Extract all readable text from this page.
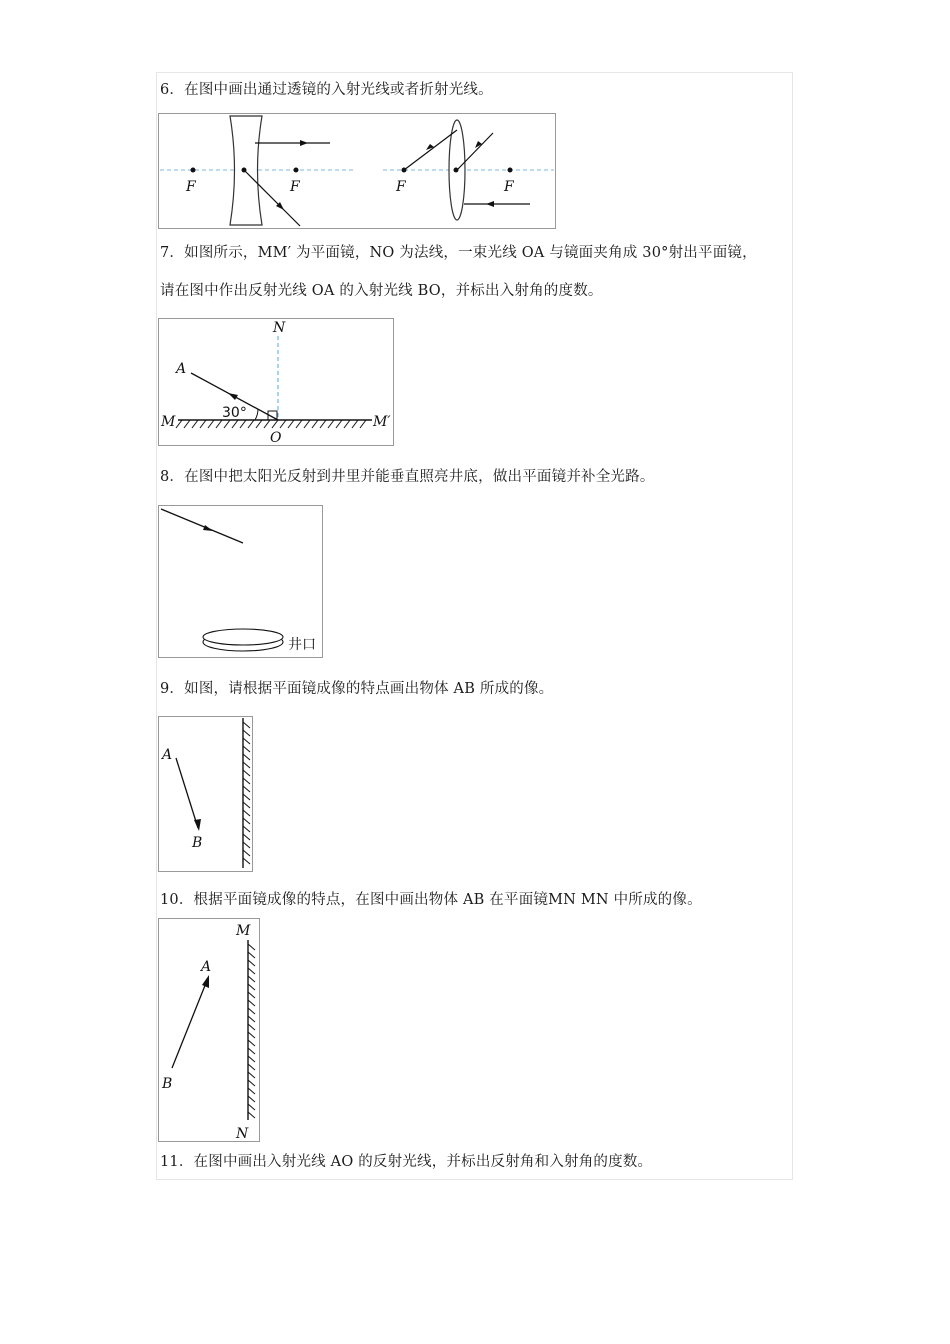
6．在图中画出通过透镜的入射光线或者折射光线。
F	F	F	F
7．如图所示，MM′ 为平面镜，NO 为法线，一束光线 OA 与镜面夹角成 30°射出平面镜，
请在图中作出反射光线 OA 的入射光线 BO，并标出入射角的度数。
N
30°
A
M	M′
O
8．在图中把太阳光反射到井里并能垂直照亮井底，做出平面镜并补全光路。
井口
9．如图，请根据平面镜成像的特点画出物体 AB 所成的像。
A
B
10．根据平面镜成像的特点，在图中画出物体 AB 在平面镜MN MN 中所成的像。
M
A
B
N
11．在图中画出入射光线 AO 的反射光线，并标出反射角和入射角的度数。
